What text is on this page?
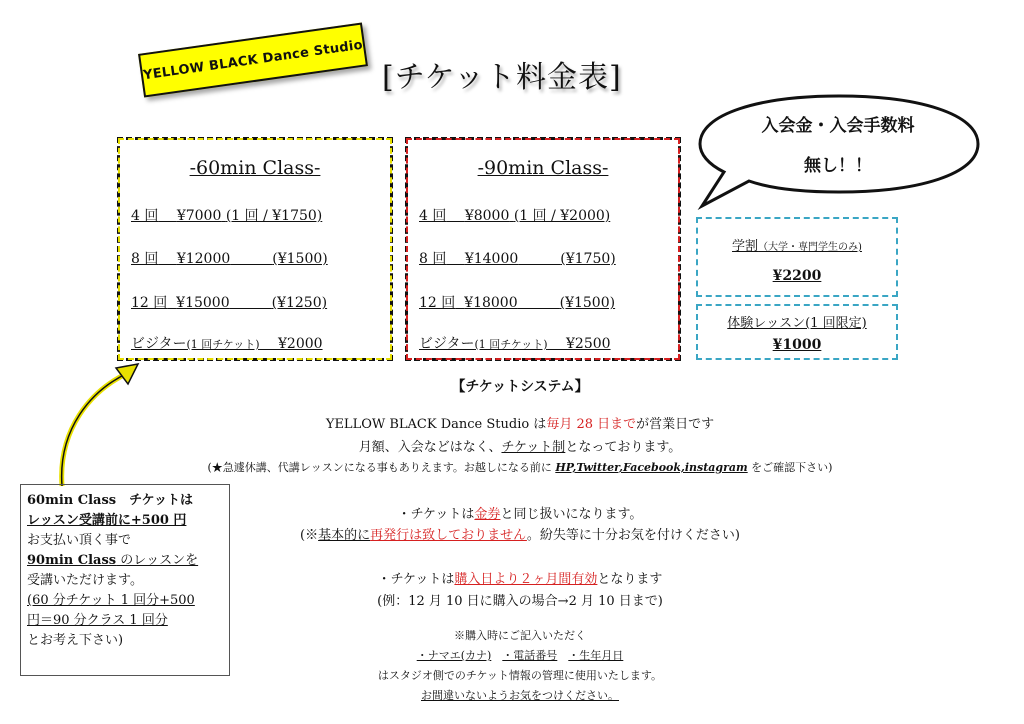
YELLOW BLACK Dance Studio [チケット料金表]
入会金・入会手数料
無し！！
-60min Class-
4 回　 ¥7000 (1 回 / ¥1750)
8 回　 ¥12000　　　	(¥1500)
12 回 ¥15000　　　	(¥1250)
ビジター(1 回チケット)　 ¥2000
-90min Class-
4 回　 ¥8000 (1 回 / ¥2000)
8 回　 ¥14000　　　	(¥1750)
12 回 ¥18000　　　	(¥1500)
ビジター(1 回チケット)　 ¥2500
学割（大学・専門学生のみ)
¥2200
体験レッスン(1 回限定)
¥1000
60min Class　 チケットは
レッスン受講前に+500 円
お支払い頂く事で
90min Class のレッスンを
受講いただけます。
(60 分チケット 1 回分+500
円＝90 分クラス 1 回分
とお考え下さい)
【チケットシステム】
YELLOW BLACK Dance Studio は毎月 28 日までが営業日です
月額、入会などはなく、チケット制となっております。
(★急遽休講、代講レッスンになる事もありえます。お越しになる前に HP,Twitter,Facebook,instagram をご確認下さい)
・チケットは金券と同じ扱いになります。
(※基本的に再発行は致しておりません。紛失等に十分お気を付けください)
・チケットは購入日より２ヶ月間有効となります
(例：12 月 10 日に購入の場合→2 月 10 日まで)
※購入時にご記入いただく
・ナマエ(カナ)　 ・電話番号　 ・生年月日
はスタジオ側でのチケット情報の管理に使用いたします。
お間違いないようお気をつけください。
